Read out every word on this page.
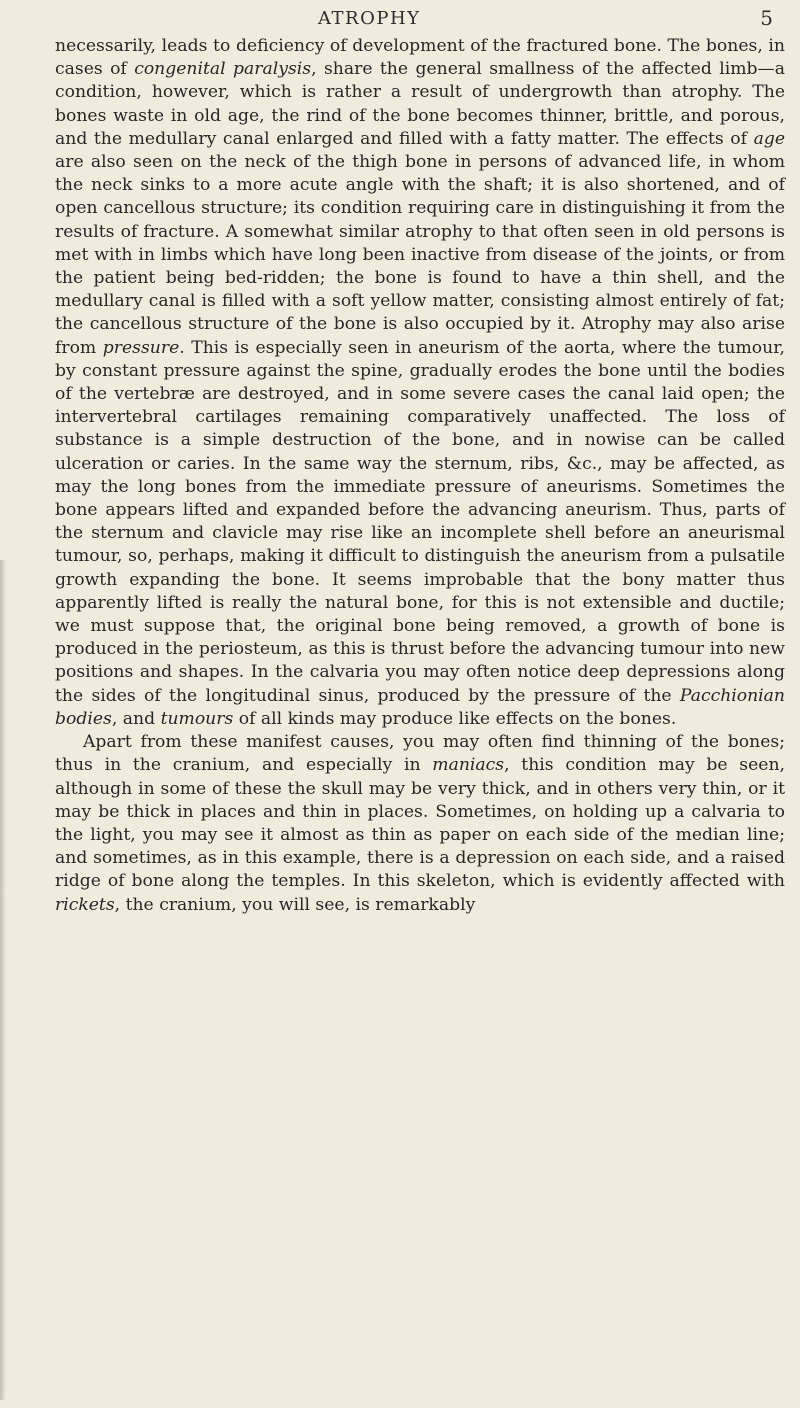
ATROPHY	5

necessarily, leads to deficiency of development of the fractured bone. The bones, in cases of congenital paralysis, share the general smallness of the affected limb—a condition, however, which is rather a result of undergrowth than atrophy. The bones waste in old age, the rind of the bone becomes thinner, brittle, and porous, and the medullary canal enlarged and filled with a fatty matter. The effects of age are also seen on the neck of the thigh bone in persons of advanced life, in whom the neck sinks to a more acute angle with the shaft; it is also shortened, and of open cancellous structure; its condition requiring care in distinguishing it from the results of fracture. A somewhat similar atrophy to that often seen in old persons is met with in limbs which have long been inactive from disease of the joints, or from the patient being bed-ridden; the bone is found to have a thin shell, and the medullary canal is filled with a soft yellow matter, consisting almost entirely of fat; the cancellous structure of the bone is also occupied by it. Atrophy may also arise from pressure. This is especially seen in aneurism of the aorta, where the tumour, by constant pressure against the spine, gradually erodes the bone until the bodies of the vertebræ are destroyed, and in some severe cases the canal laid open; the intervertebral cartilages remaining comparatively unaffected. The loss of substance is a simple destruction of the bone, and in nowise can be called ulceration or caries. In the same way the sternum, ribs, &c., may be affected, as may the long bones from the immediate pressure of aneurisms. Sometimes the bone appears lifted and expanded before the advancing aneurism. Thus, parts of the sternum and clavicle may rise like an incomplete shell before an aneurismal tumour, so, perhaps, making it difficult to distinguish the aneurism from a pulsatile growth expanding the bone. It seems improbable that the bony matter thus apparently lifted is really the natural bone, for this is not extensible and ductile; we must suppose that, the original bone being removed, a growth of bone is produced in the periosteum, as this is thrust before the advancing tumour into new positions and shapes. In the calvaria you may often notice deep depressions along the sides of the longitudinal sinus, produced by the pressure of the Pacchionian bodies, and tumours of all kinds may produce like effects on the bones.

Apart from these manifest causes, you may often find thinning of the bones; thus in the cranium, and especially in maniacs, this condition may be seen, although in some of these the skull may be very thick, and in others very thin, or it may be thick in places and thin in places. Sometimes, on holding up a calvaria to the light, you may see it almost as thin as paper on each side of the median line; and sometimes, as in this example, there is a depression on each side, and a raised ridge of bone along the temples. In this skeleton, which is evidently affected with rickets, the cranium, you will see, is remarkably
